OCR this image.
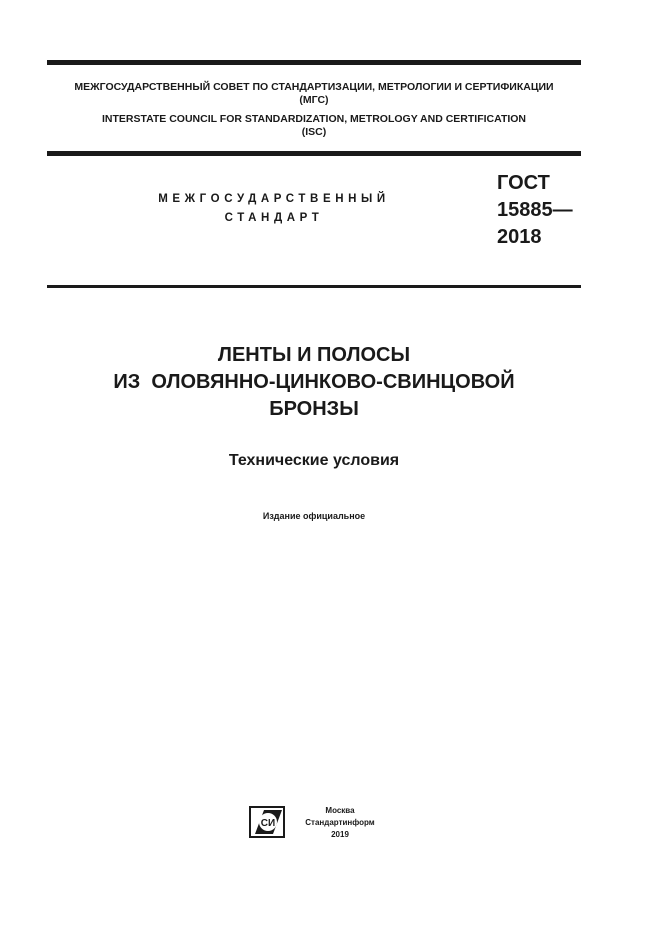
МЕЖГОСУДАРСТВЕННЫЙ СОВЕТ ПО СТАНДАРТИЗАЦИИ, МЕТРОЛОГИИ И СЕРТИФИКАЦИИ
(МГС)
INTERSTATE COUNCIL FOR STANDARDIZATION, METROLOGY AND CERTIFICATION
(ISC)
МЕЖГОСУДАРСТВЕННЫЙ
СТАНДАРТ
ГОСТ
15885—
2018
ЛЕНТЫ И ПОЛОСЫ
ИЗ  ОЛОВЯННО-ЦИНКОВО-СВИНЦОВОЙ
БРОНЗЫ
Технические условия
Издание официальное
СИ
Москва
Стандартинформ
2019
